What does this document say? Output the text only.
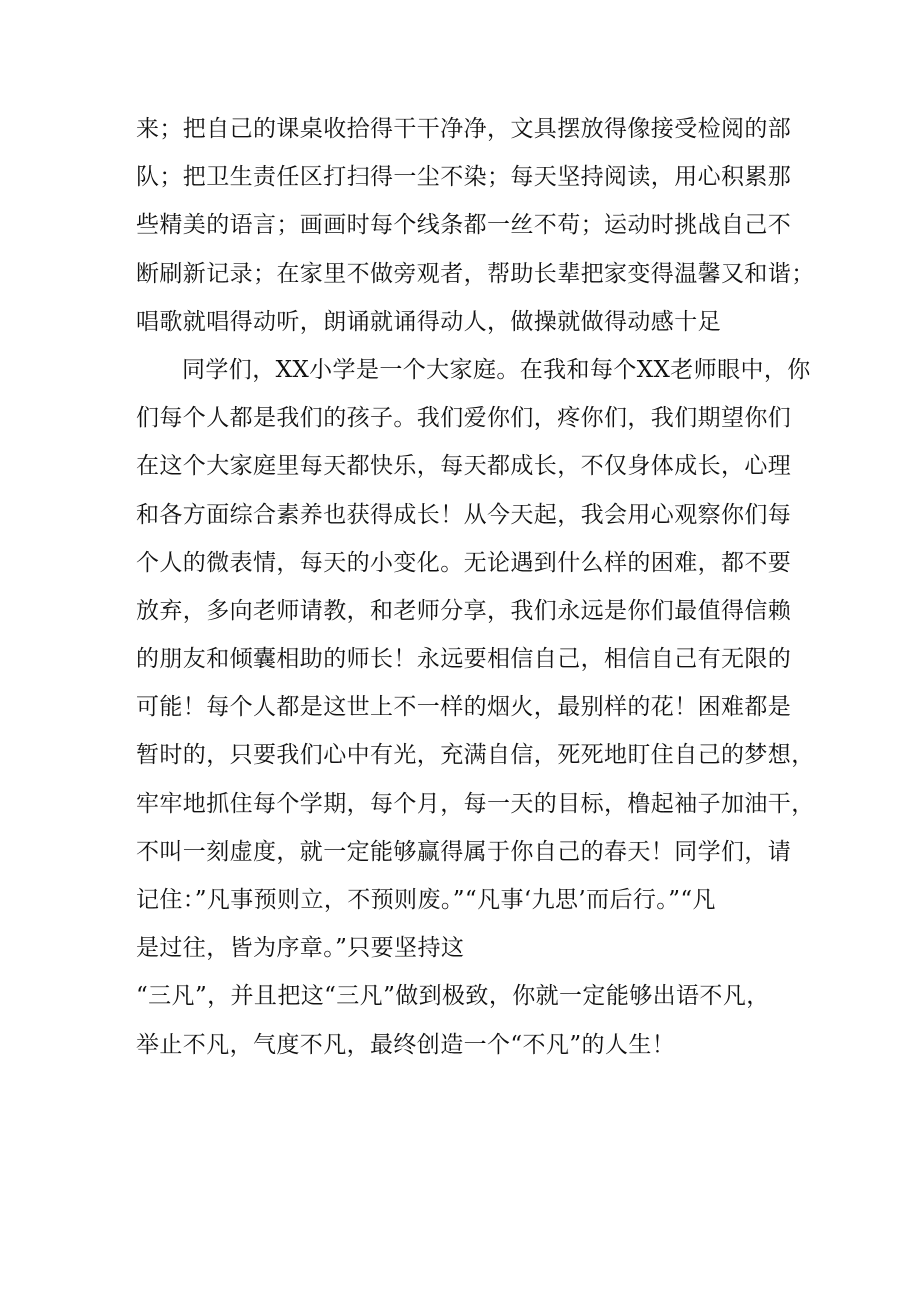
来；把自己的课桌收拾得干干净净，文具摆放得像接受检阅的部
队；把卫生责任区打扫得一尘不染；每天坚持阅读，用心积累那
些精美的语言；画画时每个线条都一丝不苟；运动时挑战自己不
断刷新记录；在家里不做旁观者，帮助长辈把家变得温馨又和谐；
唱歌就唱得动听，朗诵就诵得动人，做操就做得动感十足
同学们，XX小学是一个大家庭。在我和每个XX老师眼中，你
们每个人都是我们的孩子。我们爱你们，疼你们，我们期望你们
在这个大家庭里每天都快乐，每天都成长，不仅身体成长，心理
和各方面综合素养也获得成长！从今天起，我会用心观察你们每
个人的微表情，每天的小变化。无论遇到什么样的困难，都不要
放弃，多向老师请教，和老师分享，我们永远是你们最值得信赖
的朋友和倾囊相助的师长！永远要相信自己，相信自己有无限的
可能！每个人都是这世上不一样的烟火，最别样的花！困难都是
暂时的，只要我们心中有光，充满自信，死死地盯住自己的梦想，
牢牢地抓住每个学期，每个月，每一天的目标，橹起袖子加油干，
不叫一刻虚度，就一定能够赢得属于你自己的春天！同学们，请
记住：”凡事预则立，不预则废。”“凡事‘九思’而后行。”“凡
是过往，皆为序章。”只要坚持这
“三凡”，并且把这“三凡”做到极致，你就一定能够出语不凡，
举止不凡，气度不凡，最终创造一个“不凡”的人生！
